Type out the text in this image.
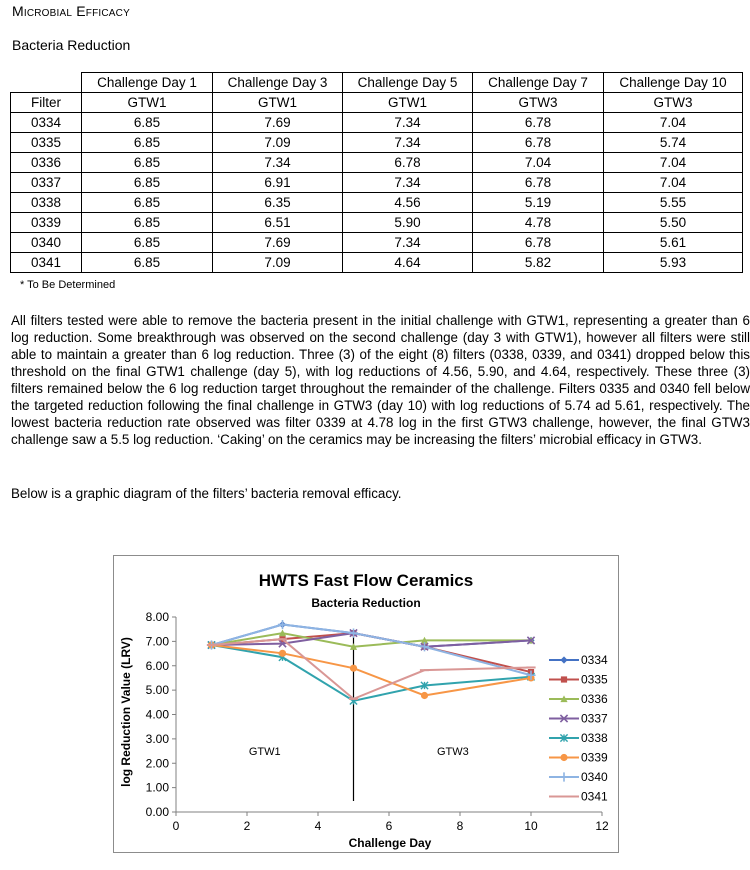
Microbial Efficacy
Bacteria Reduction
	Challenge Day 1	Challenge Day 3	Challenge Day 5	Challenge Day 7	Challenge Day 10
Filter	GTW1	GTW1	GTW1	GTW3	GTW3
0334	6.85	7.69	7.34	6.78	7.04
0335	6.85	7.09	7.34	6.78	5.74
0336	6.85	7.34	6.78	7.04	7.04
0337	6.85	6.91	7.34	6.78	7.04
0338	6.85	6.35	4.56	5.19	5.55
0339	6.85	6.51	5.90	4.78	5.50
0340	6.85	7.69	7.34	6.78	5.61
0341	6.85	7.09	4.64	5.82	5.93
* To Be Determined

All filters tested were able to remove the bacteria present in the initial challenge with GTW1, representing a greater than 6 log reduction. Some breakthrough was observed on the second challenge (day 3 with GTW1), however all filters were still able to maintain a greater than 6 log reduction. Three (3) of the eight (8) filters (0338, 0339, and 0341) dropped below this threshold on the final GTW1 challenge (day 5), with log reductions of 4.56, 5.90, and 4.64, respectively. These three (3) filters remained below the 6 log reduction target throughout the remainder of the challenge. Filters 0335 and 0340 fell below the targeted reduction following the final challenge in GTW3 (day 10) with log reductions of 5.74 ad 5.61, respectively. The lowest bacteria reduction rate observed was filter 0339 at 4.78 log in the first GTW3 challenge, however, the final GTW3 challenge saw a 5.5 log reduction. ‘Caking’ on the ceramics may be increasing the filters’ microbial efficacy in GTW3.

Below is a graphic diagram of the filters’ bacteria removal efficacy.
HWTS Fast Flow Ceramics
Bacteria Reduction
log Reduction Value (LRV)
Challenge Day
0.00
1.00
2.00
3.00
4.00
5.00
6.00
7.00
8.00
0	2	4	6	8	10	12
GTW1	GTW3
0334
0335
0336
0337
0338
0339
0340
0341
